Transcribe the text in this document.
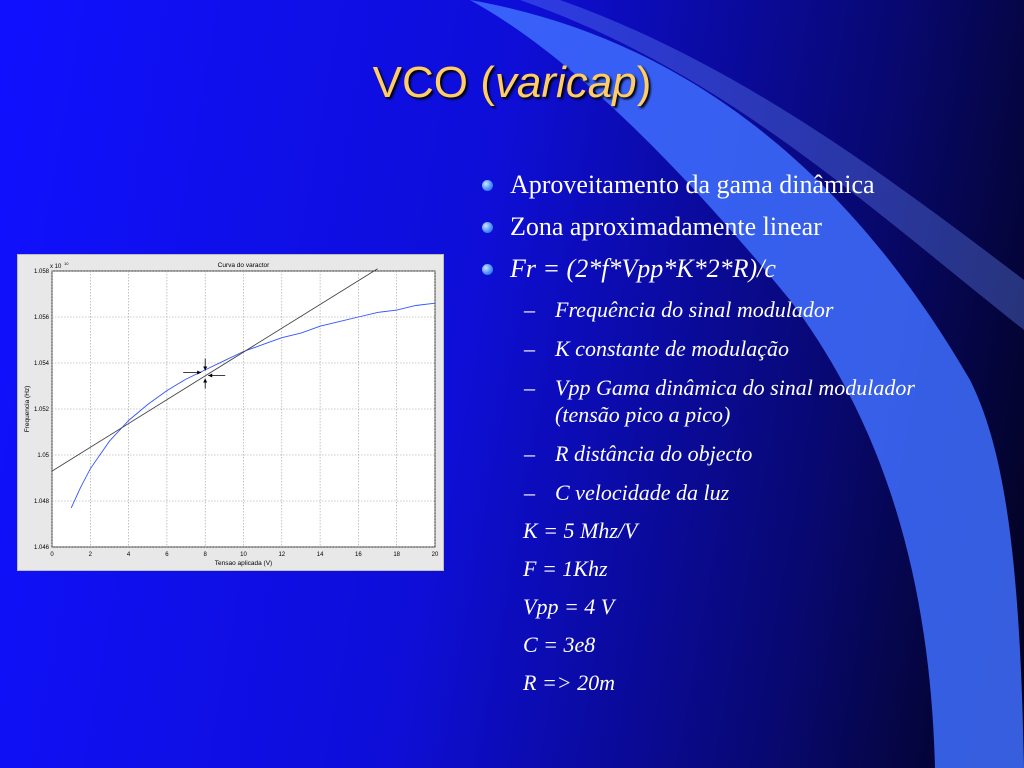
VCO (varicap)
0	2	4	6	8	10	12	14	16	18	20
1.046
1.048
1.05
1.052
1.054
1.056
1.058
x 10
10	Curva do varactor
Tensao aplicada (V)
Frequencia (Hz)
Aproveitamento da gama dinâmica
Zona aproximadamente linear
Fr = (2*f*Vpp*K*2*R)/c
– Frequência do sinal modulador
– K constante de modulação
– Vpp Gama dinâmica do sinal modulador (tensão pico a pico)
– R distância do objecto
– C velocidade da luz
K = 5 Mhz/V
F = 1Khz
Vpp = 4 V
C = 3e8
R => 20m
